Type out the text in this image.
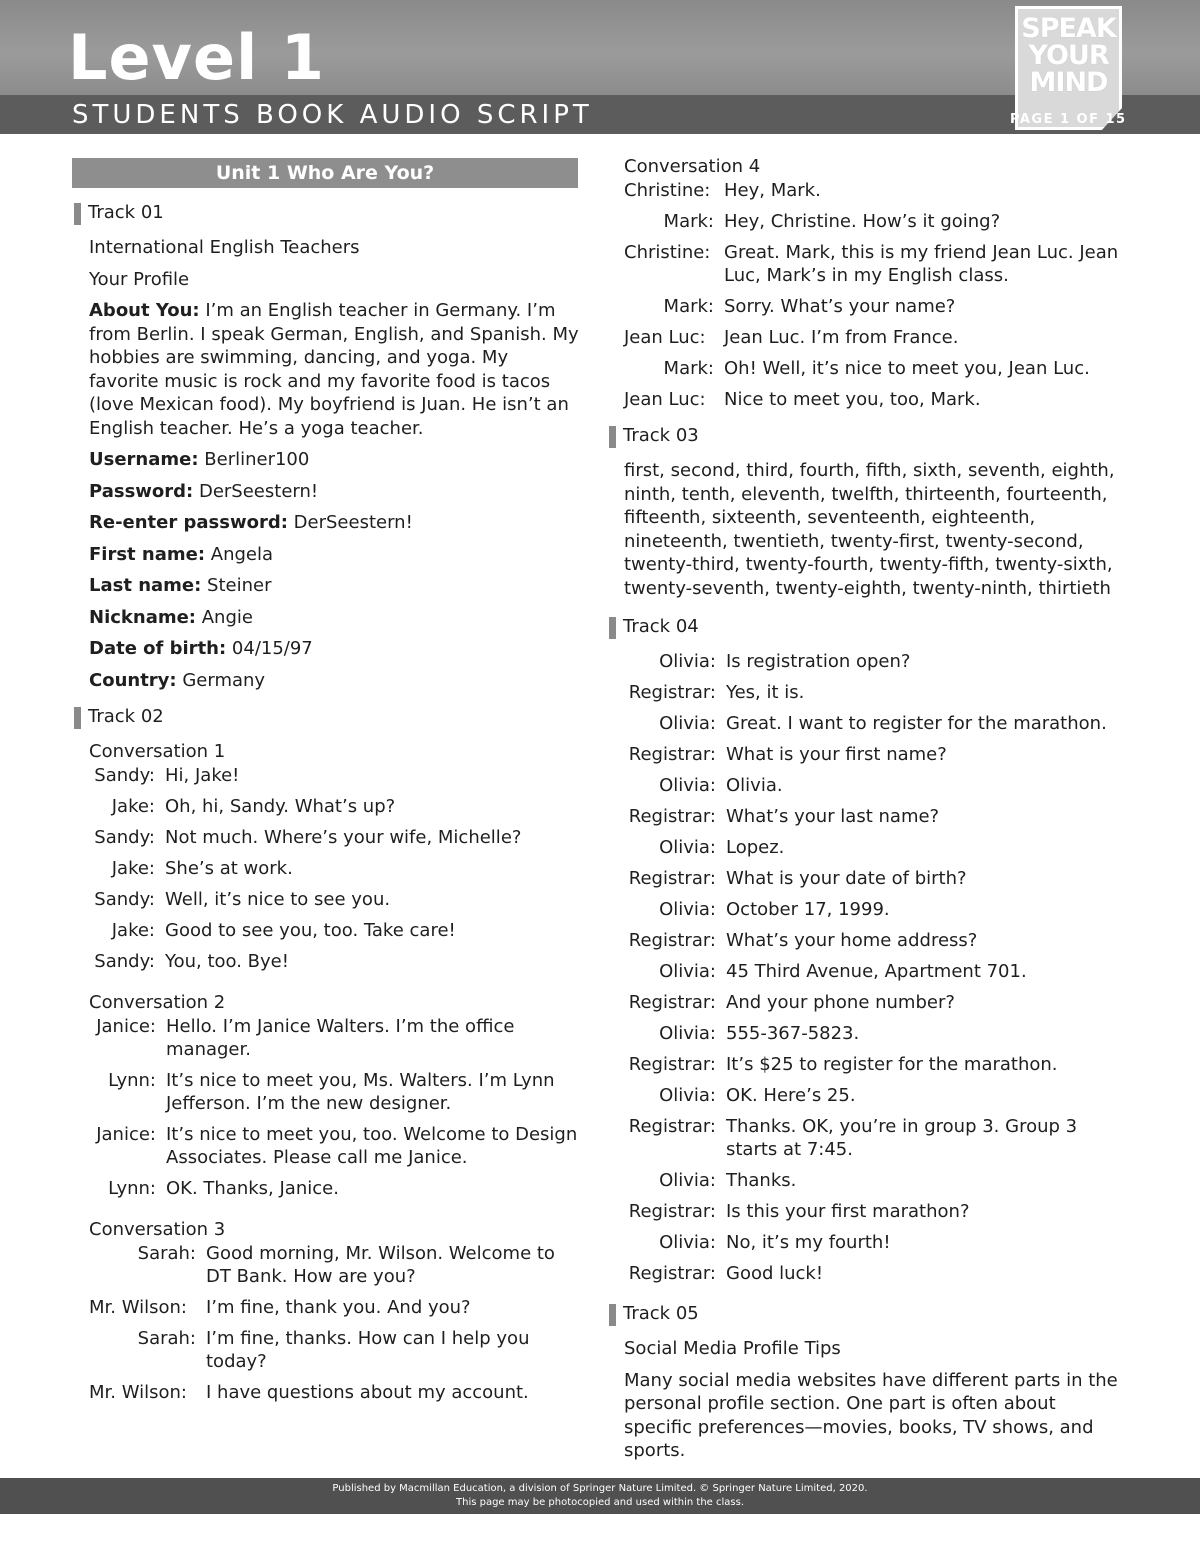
Level 1
STUDENTS BOOK AUDIO SCRIPT
SPEAK
YOUR
MIND
PAGE 1 OF 15
Unit 1 Who Are You?
Track 01
International English Teachers
Your Profile
About You: I’m an English teacher in Germany. I’m from Berlin. I speak German, English, and Spanish. My hobbies are swimming, dancing, and yoga. My favorite music is rock and my favorite food is tacos (love Mexican food). My boyfriend is Juan. He isn’t an English teacher. He’s a yoga teacher.
Username: Berliner100
Password: DerSeestern!
Re-enter password: DerSeestern!
First name: Angela
Last name: Steiner
Nickname: Angie
Date of birth: 04/15/97
Country: Germany
Track 02
Conversation 1
Sandy: Hi, Jake!
Jake: Oh, hi, Sandy. What’s up?
Sandy: Not much. Where’s your wife, Michelle?
Jake: She’s at work.
Sandy: Well, it’s nice to see you.
Jake: Good to see you, too. Take care!
Sandy: You, too. Bye!
Conversation 2
Janice: Hello. I’m Janice Walters. I’m the office manager.
Lynn: It’s nice to meet you, Ms. Walters. I’m Lynn Jefferson. I’m the new designer.
Janice: It’s nice to meet you, too. Welcome to Design Associates. Please call me Janice.
Lynn: OK. Thanks, Janice.
Conversation 3
Sarah: Good morning, Mr. Wilson. Welcome to DT Bank. How are you?
Mr. Wilson:	I’m fine, thank you. And you?
Sarah: I’m fine, thanks. How can I help you today?
Mr. Wilson:	I have questions about my account.
Conversation 4
Christine: Hey, Mark.
Mark: Hey, Christine. How’s it going?
Christine: Great. Mark, this is my friend Jean Luc. Jean Luc, Mark’s in my English class.
Mark: Sorry. What’s your name?
Jean Luc:	Jean Luc. I’m from France.
Mark: Oh! Well, it’s nice to meet you, Jean Luc.
Jean Luc:	Nice to meet you, too, Mark.
Track 03
first, second, third, fourth, fifth, sixth, seventh, eighth, ninth, tenth, eleventh, twelfth, thirteenth, fourteenth, fifteenth, sixteenth, seventeenth, eighteenth, nineteenth, twentieth, twenty-first, twenty-second, twenty-third, twenty-fourth, twenty-fifth, twenty-sixth, twenty-seventh, twenty-eighth, twenty-ninth, thirtieth
Track 04
Olivia: Is registration open?
Registrar: Yes, it is.
Olivia: Great. I want to register for the marathon.
Registrar: What is your first name?
Olivia: Olivia.
Registrar: What’s your last name?
Olivia: Lopez.
Registrar: What is your date of birth?
Olivia: October 17, 1999.
Registrar: What’s your home address?
Olivia: 45 Third Avenue, Apartment 701.
Registrar: And your phone number?
Olivia: 555-367-5823.
Registrar: It’s $25 to register for the marathon.
Olivia: OK. Here’s 25.
Registrar: Thanks. OK, you’re in group 3. Group 3 starts at 7:45.
Olivia: Thanks.
Registrar: Is this your first marathon?
Olivia: No, it’s my fourth!
Registrar: Good luck!
Track 05
Social Media Profile Tips
Many social media websites have different parts in the personal profile section. One part is often about specific preferences—movies, books, TV shows, and sports.
Published by Macmillan Education, a division of Springer Nature Limited. © Springer Nature Limited, 2020.
This page may be photocopied and used within the class.
